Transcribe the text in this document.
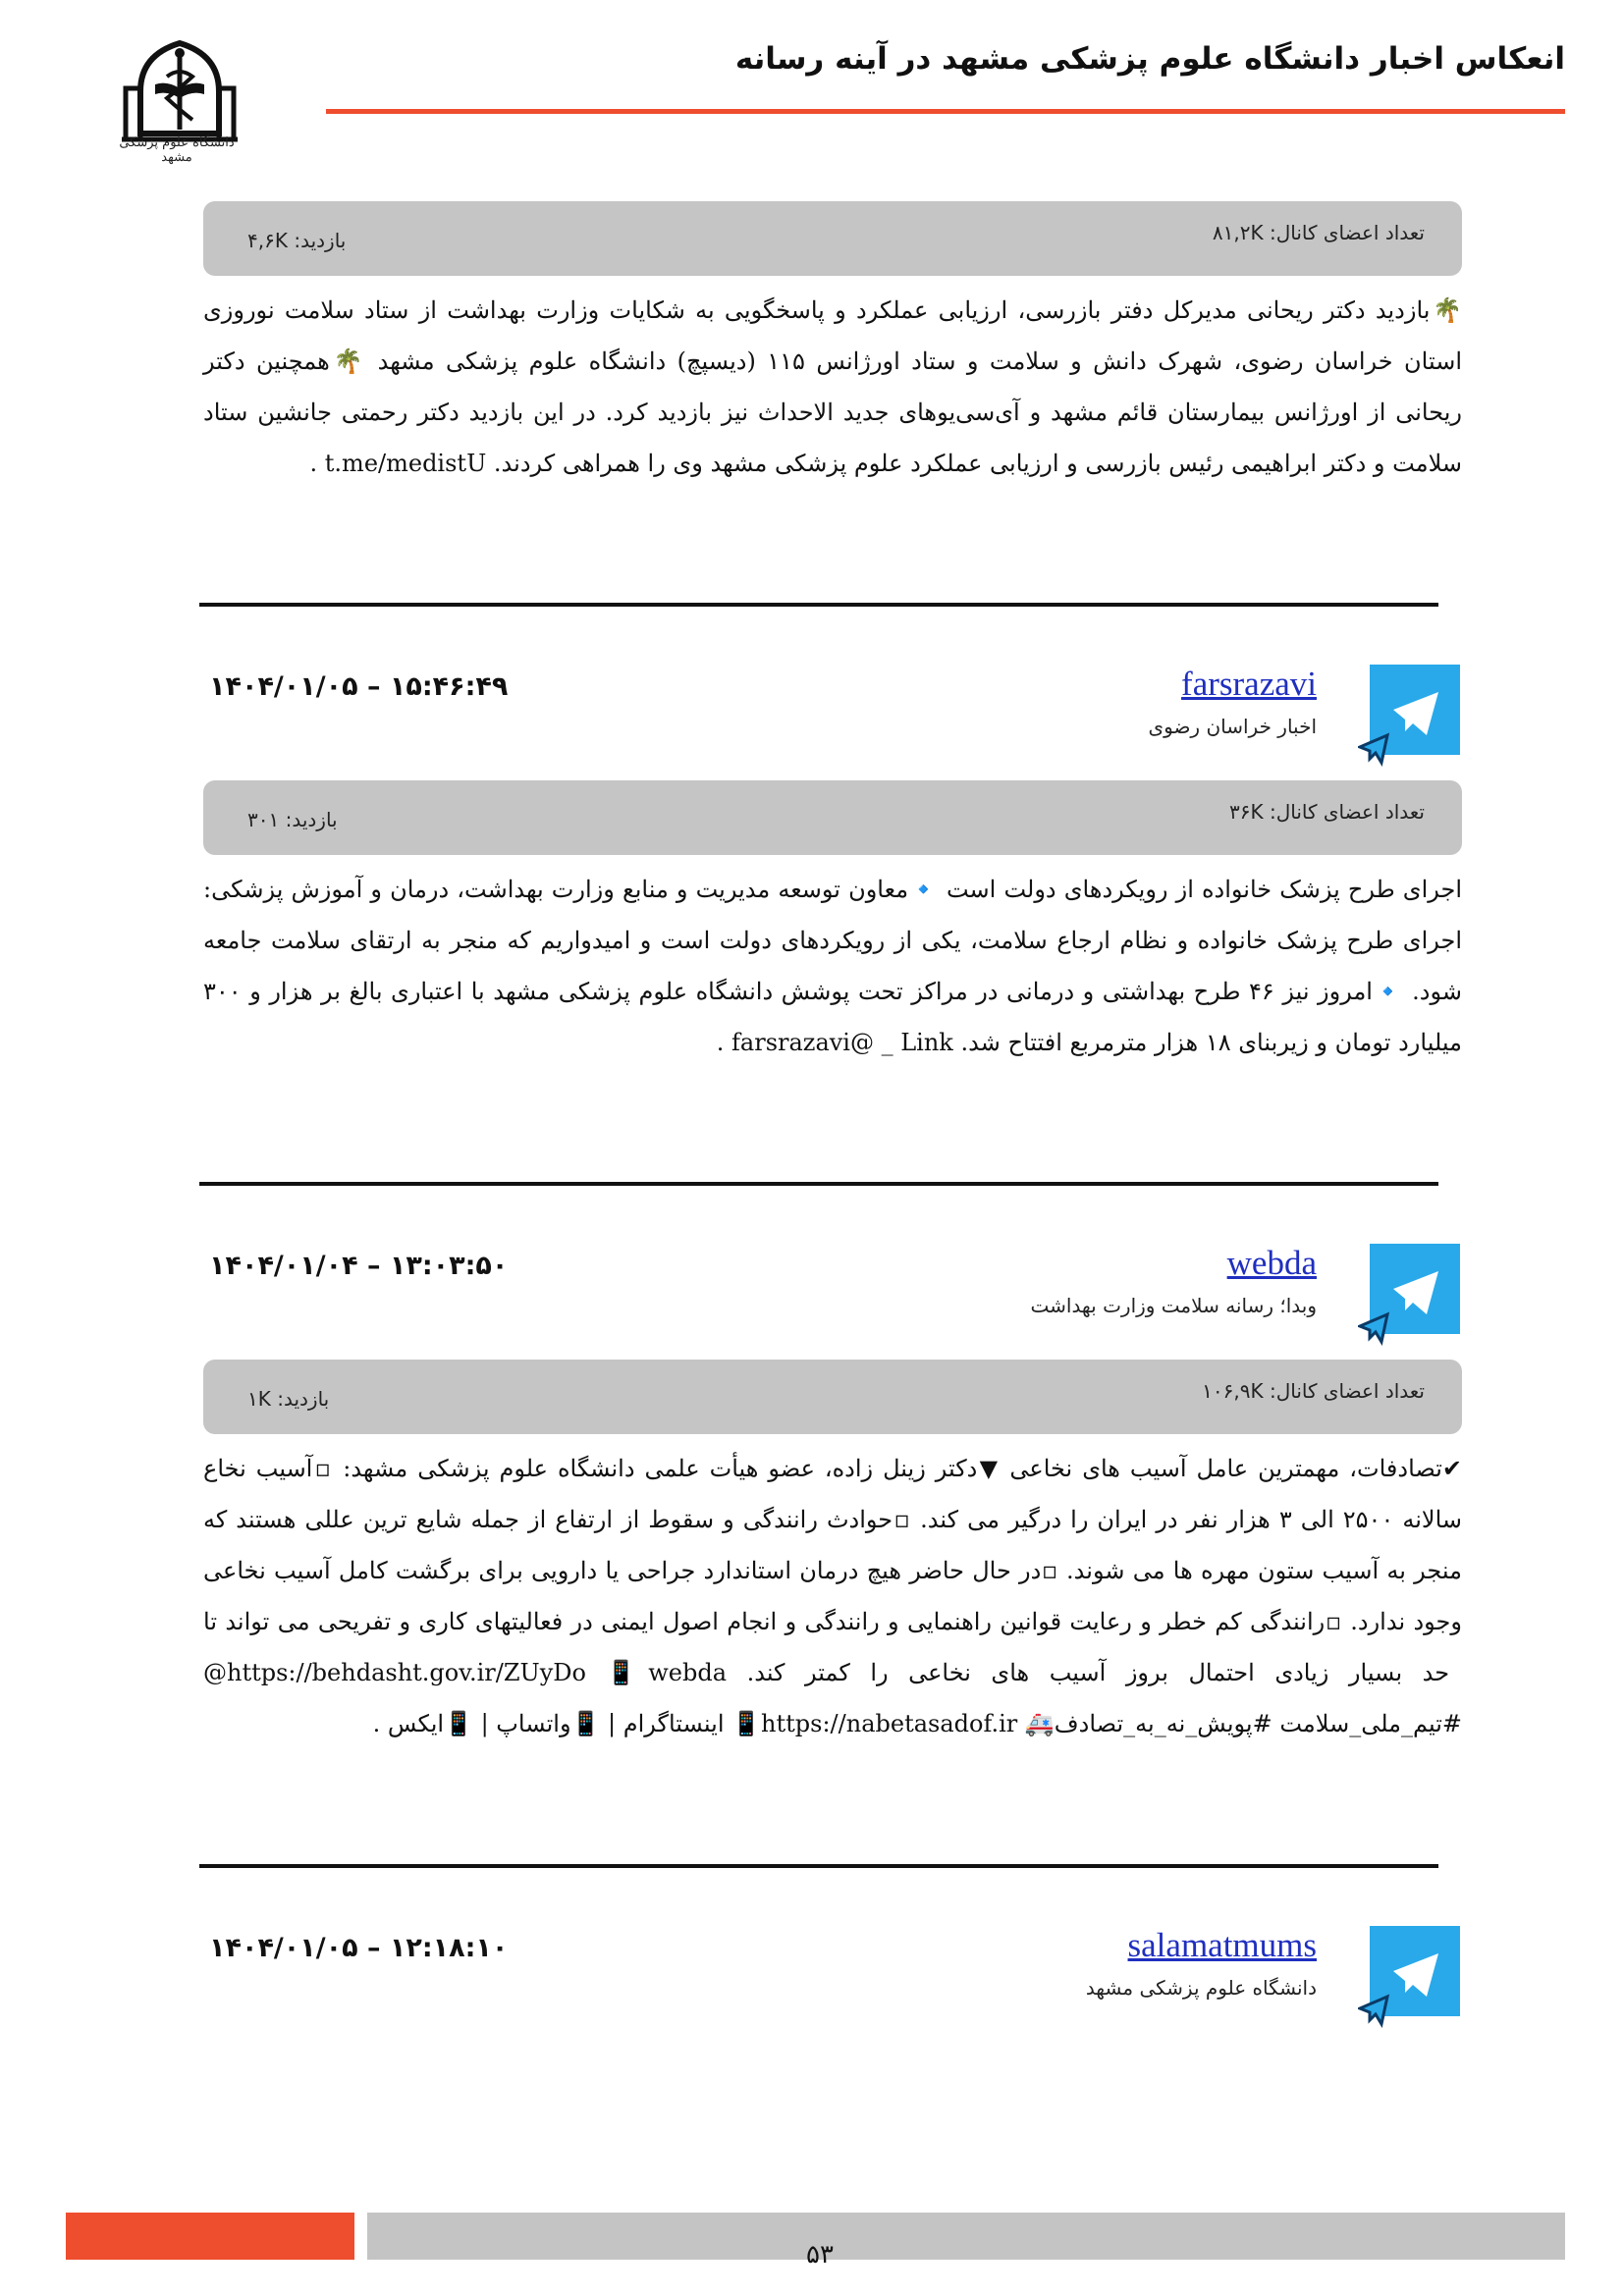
دانشگاه علوم پزشکی مشهد
انعکاس اخبار دانشگاه علوم پزشکی مشهد در آینه رسانه
تعداد اعضای کانال: ۸۱,۲K
بازدید: ۴,۶K
🌴بازدید دکتر ریحانی مدیرکل دفتر بازرسی، ارزیابی عملکرد و پاسخگویی به شکایات وزارت بهداشت از ستاد سلامت نوروزی استان خراسان رضوی، شهرک دانش و سلامت و ستاد اورژانس ۱۱۵ (دیسپچ) دانشگاه علوم پزشکی مشهد 🌴همچنین دکتر ریحانی از اورژانس بیمارستان قائم مشهد و آی‌سی‌یوهای جدید الاحداث نیز بازدید کرد. در این بازدید دکتر رحمتی جانشین ستاد سلامت و دکتر ابراهیمی رئیس بازرسی و ارزیابی عملکرد علوم پزشکی مشهد وی را همراهی کردند. t.me/medistU .
farsrazavi
اخبار خراسان رضوی
۱۴۰۴/۰۱/۰۵ – ۱۵:۴۶:۴۹
تعداد اعضای کانال: ۳۶K
بازدید: ۳۰۱
اجرای طرح پزشک خانواده از رویکردهای دولت است 🔹معاون توسعه مدیریت و منابع وزارت بهداشت، درمان و آموزش پزشکی: اجرای طرح پزشک خانواده و نظام ارجاع سلامت، یکی از رویکردهای دولت است و امیدواریم که منجر به ارتقای سلامت جامعه شود. 🔹امروز نیز ۴۶ طرح بهداشتی و درمانی در مراکز تحت پوشش دانشگاه علوم پزشکی مشهد با اعتباری بالغ بر هزار و ۳۰۰ میلیارد تومان و زیربنای ۱۸ هزار مترمربع افتتاح شد. farsrazavi@ _ Link .
webda
وبدا؛ رسانه سلامت وزارت بهداشت
۱۴۰۴/۰۱/۰۴ – ۱۳:۰۳:۵۰
تعداد اعضای کانال: ۱۰۶,۹K
بازدید: ۱K
✔تصادفات، مهمترین عامل آسیب های نخاعی ▼دکتر زینل زاده، عضو هیأت علمی دانشگاه علوم پزشکی مشهد: ▫آسیب نخاع سالانه ۲۵۰۰ الی ۳ هزار نفر در ایران را درگیر می کند. ▫حوادث رانندگی و سقوط از ارتفاع از جمله شایع ترین عللی هستند که منجر به آسیب ستون مهره ها می شوند. ▫در حال حاضر هیچ درمان استاندارد جراحی یا دارویی برای برگشت کامل آسیب نخاعی وجود ندارد. ▫رانندگی کم خطر و رعایت قوانین راهنمایی و رانندگی و انجام اصول ایمنی در فعالیتهای کاری و تفریحی می تواند تا حد بسیار زیادی احتمال بروز آسیب های نخاعی را کمتر کند. https://behdasht.gov.ir/ZUyDo 📱webda@ #تیم_ملی_سلامت #پویش_نه_به_تصادف🚑 https://nabetasadof.ir📱 اینستاگرام | 📱واتساپ | 📱ایکس .
salamatmums
دانشگاه علوم پزشکی مشهد
۱۴۰۴/۰۱/۰۵ – ۱۲:۱۸:۱۰
۵۳
